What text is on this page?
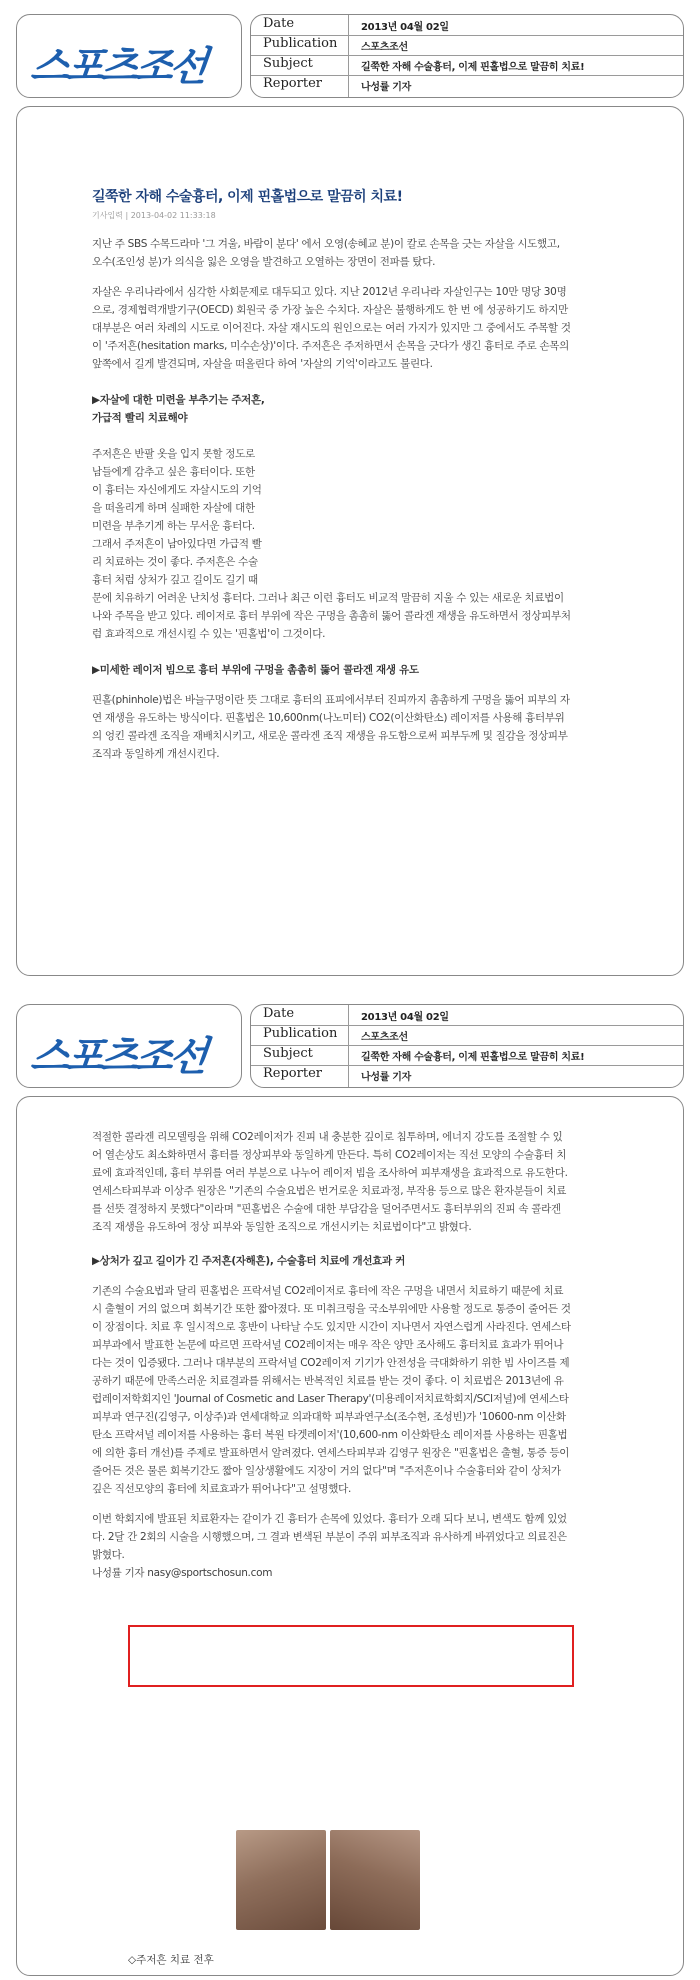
스포츠조선
Date	2013년 04월 02일
Publication 스포츠조선
Subject	길쭉한 자해 수술흉터, 이제 핀홀법으로 말끔히 치료!
Reporter	나성률 기자
길쭉한 자해 수술흉터, 이제 핀홀법으로 말끔히 치료!
기사입력 | 2013-04-02 11:33:18

지난 주 SBS 수목드라마 '그 겨울, 바람이 분다' 에서 오영(송혜교 분)이 칼로 손목을 긋는 자살을 시도했고, 오수(조인성 분)가 의식을 잃은 오영을 발견하고 오열하는 장면이 전파를 탔다.

자살은 우리나라에서 심각한 사회문제로 대두되고 있다. 지난 2012년 우리나라 자살인구는 10만 명당 30명으로, 경제협력개발기구(OECD) 회원국 중 가장 높은 수치다. 자살은 불행하게도 한 번 에 성공하기도 하지만 대부분은 여러 차례의 시도로 이어진다. 자살 재시도의 원인으로는 여러 가지가 있지만 그 중에서도 주목할 것이 '주저흔(hesitation marks, 미수손상)'이다. 주저흔은 주저하면서 손목을 긋다가 생긴 흉터로 주로 손목의 앞쪽에서 길게 발견되며, 자살을 떠올린다 하여 '자살의 기억'이라고도 불린다.

▶자살에 대한 미련을 부추기는 주저흔,
가급적 빨리 치료해야

주저흔은 반팔 옷을 입지 못할 정도로
남들에게 감추고 싶은 흉터이다. 또한
이 흉터는 자신에게도 자살시도의 기억
을 떠올리게 하며 실패한 자살에 대한
미련을 부추기게 하는 무서운 흉터다.
그래서 주저흔이 남아있다면 가급적 빨
리 치료하는 것이 좋다. 주저흔은 수술
흉터 처럼 상처가 깊고 길이도 길기 때
문에 치유하기 어려운 난치성 흉터다. 그러나 최근 이런 흉터도 비교적 말끔히 지울 수 있는 새로운 치료법이 나와 주목을 받고 있다. 레이저로 흉터 부위에 작은 구멍을 촘촘히 뚫어 콜라겐 재생을 유도하면서 정상피부처럼 효과적으로 개선시킬 수 있는 '핀홀법'이 그것이다.

▶미세한 레이저 빔으로 흉터 부위에 구멍을 촘촘히 뚫어 콜라겐 재생 유도

핀홀(phinhole)법은 바늘구멍이란 뜻 그대로 흉터의 표피에서부터 진피까지 촘촘하게 구멍을 뚫어 피부의 자연 재생을 유도하는 방식이다. 핀홀법은 10,600nm(나노미터) CO2(이산화탄소) 레이저를 사용해 흉터부위의 엉킨 콜라겐 조직을 재배치시키고, 새로운 콜라겐 조직 재생을 유도함으로써 피부두께 및 질감을 정상피부 조직과 동일하게 개선시킨다.

스포츠조선
Date	2013년 04월 02일
Publication 스포츠조선
Subject	길쭉한 자해 수술흉터, 이제 핀홀법으로 말끔히 치료!
Reporter	나성률 기자

적절한 콜라겐 리모델링을 위해 CO2레이저가 진피 내 충분한 깊이로 침투하며, 에너지 강도를 조절할 수 있어 열손상도 최소화하면서 흉터를 정상피부와 동일하게 만든다. 특히 CO2레이저는 직선 모양의 수술흉터 치료에 효과적인데, 흉터 부위를 여러 부분으로 나누어 레이저 빔을 조사하여 피부재생을 효과적으로 유도한다. 연세스타피부과 이상주 원장은 "기존의 수술요법은 번거로운 치료과정, 부작용 등으로 많은 환자분들이 치료를 선뜻 결정하지 못했다"이라며 "핀홀법은 수술에 대한 부담감을 덜어주면서도 흉터부위의 진피 속 콜라겐 조직 재생을 유도하여 정상 피부와 동일한 조직으로 개선시키는 치료법이다"고 밝혔다.

▶상처가 깊고 길이가 긴 주저흔(자해흔), 수술흉터 치료에 개선효과 커

기존의 수술요법과 달리 핀홀법은 프락셔널 CO2레이저로 흉터에 작은 구멍을 내면서 치료하기 때문에 치료 시 출혈이 거의 없으며 회복기간 또한 짧아졌다. 또 미취크렁을 국소부위에만 사용할 정도로 통증이 줄어든 것이 장점이다. 치료 후 일시적으로 홍반이 나타날 수도 있지만 시간이 지나면서 자연스럽게 사라진다. 연세스타피부과에서 발표한 논문에 따르면 프락셔널 CO2레이저는 매우 작은 양만 조사해도 흉터치료 효과가 뛰어나다는 것이 입증됐다. 그러나 대부분의 프락셔널 CO2레이저 기기가 안전성을 극대화하기 위한 빔 사이즈를 제공하기 때문에 만족스러운 치료결과를 위해서는 반복적인 치료를 받는 것이 좋다. 이 치료법은 2013년에 유럽레이저학회지인 'Journal of Cosmetic and Laser Therapy'(미용레이저치료학회지/SCI저널)에 연세스타피부과 연구진(김영구, 이상주)과 연세대학교 의과대학 피부과연구소(조수현, 조성빈)가 '10600-nm 이산화탄소 프락셔널 레이저를 사용하는 흉터 복원 타겟레이저'(10,600-nm 이산화탄소 레이저를 사용하는 핀홀법에 의한 흉터 개선)를 주제로 발표하면서 알려졌다. 연세스타피부과 김영구 원장은 "핀홀법은 출혈, 통증 등이 줄어든 것은 물론 회복기간도 짧아 일상생활에도 지장이 거의 없다"며 "주저흔이나 수술흉터와 같이 상처가 깊은 직선모양의 흉터에 치료효과가 뛰어나다"고 설명했다.

이번 학회지에 발표된 치료환자는 같이가 긴 흉터가 손목에 있었다. 흉터가 오래 되다 보니, 변색도 함께 있었다. 2달 간 2회의 시술을 시행했으며, 그 결과 변색된 부분이 주위 피부조직과 유사하게 바뀌었다고 의료진은 밝혔다.
나성률 기자 nasy@sportschosun.com

◇주저흔 치료 전후
